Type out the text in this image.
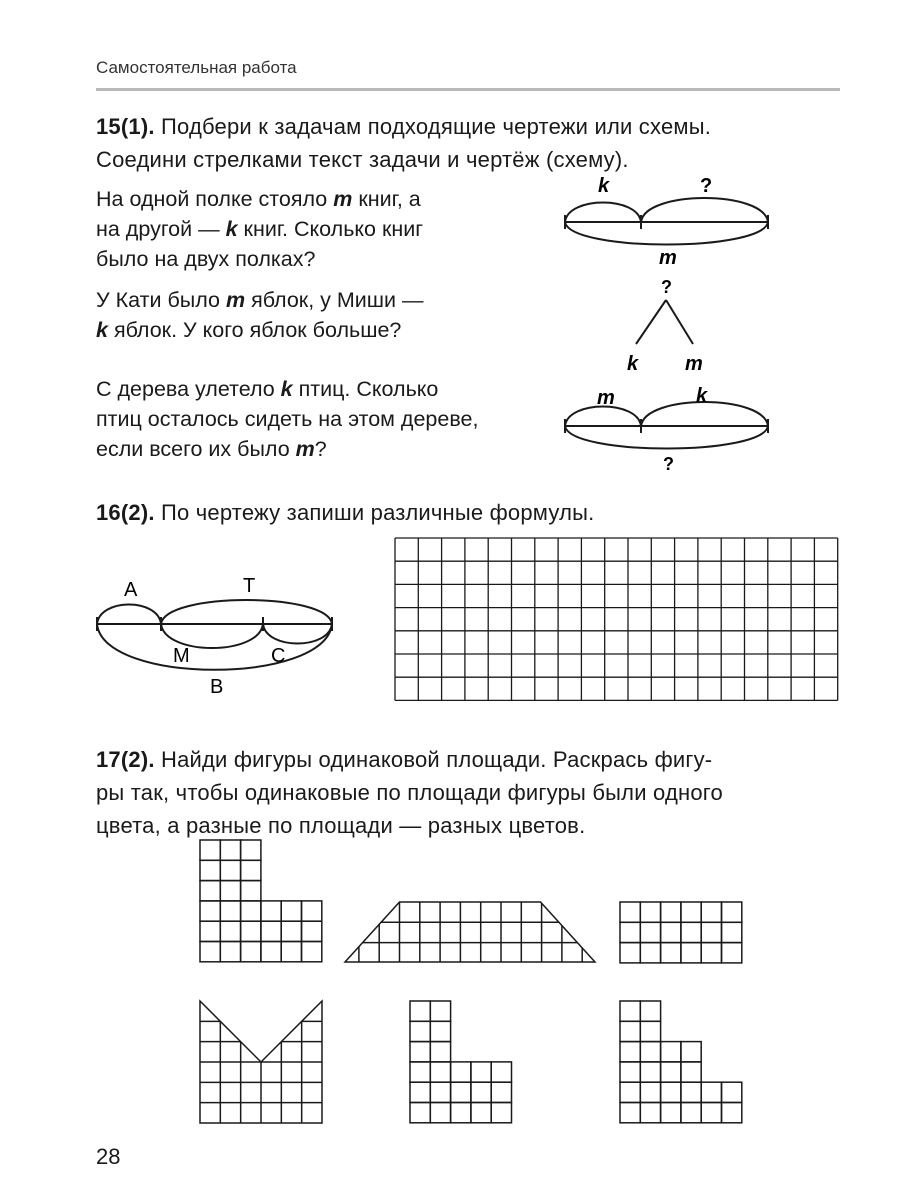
Самостоятельная работа
15(1). Подбери к задачам подходящие чертежи или схемы.
Соедини стрелками текст задачи и чертёж (схему).
На одной полке стояло m книг, а
на другой — k книг. Сколько книг
было на двух полках?
У Кати было m яблок, у Миши —
k яблок. У кого яблок больше?
С дерева улетело k птиц. Сколько
птиц осталось сидеть на этом дереве,
если всего их было m?
k	?
m
?
k m
m	k
?
16(2). По чертежу запиши различные формулы.
A	T
M	C
B
17(2). Найди фигуры одинаковой площади. Раскрась фигу-
ры так, чтобы одинаковые по площади фигуры были одного
цвета, а разные по площади — разных цветов.
28
